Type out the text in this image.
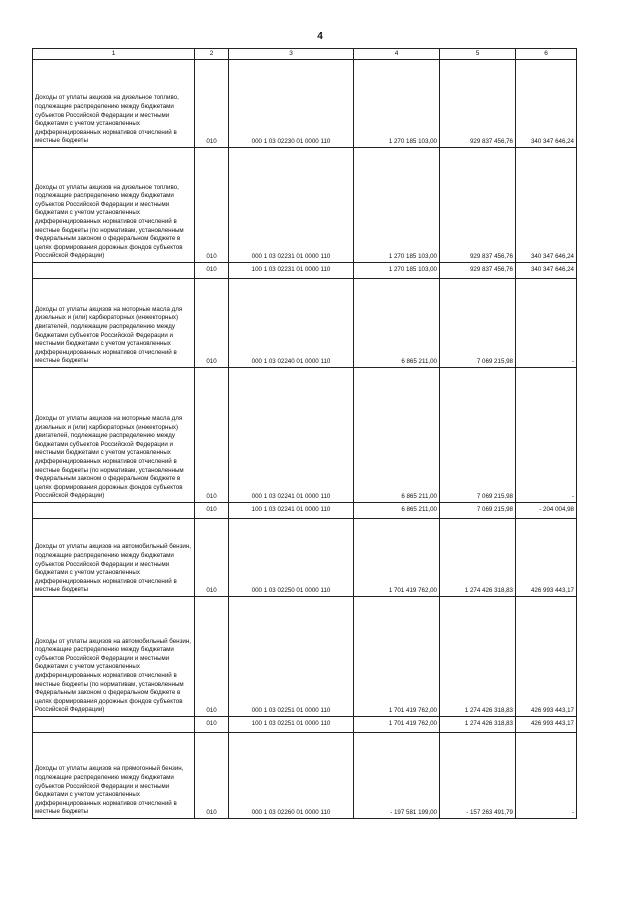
4
1	2	3	4	5	6
Доходы от уплаты акцизов на дизельное топливо, подлежащие распределению между бюджетами субъектов Российской Федерации и местными бюджетами с учетом установленных дифференцированных нормативов отчислений в местные бюджеты	010	000 1 03 02230 01 0000 110	1 270 185 103,00	929 837 456,76	340 347 646,24
Доходы от уплаты акцизов на дизельное топливо, подлежащие распределению между бюджетами субъектов Российской Федерации и местными бюджетами с учетом установленных дифференцированных нормативов отчислений в местные бюджеты (по нормативам, установленным Федеральным законом о федеральном бюджете в целях формирования дорожных фондов субъектов Российской Федерации)	010	000 1 03 02231 01 0000 110	1 270 185 103,00	929 837 456,76	340 347 646,24
	010	100 1 03 02231 01 0000 110	1 270 185 103,00	929 837 456,76	340 347 646,24
Доходы от уплаты акцизов на моторные масла для дизельных и (или) карбюраторных (инжекторных) двигателей, подлежащие распределению между бюджетами субъектов Российской Федерации и местными бюджетами с учетом установленных дифференцированных нормативов отчислений в местные бюджеты	010	000 1 03 02240 01 0000 110	6 865 211,00	7 069 215,98	-
Доходы от уплаты акцизов на моторные масла для дизельных и (или) карбюраторных (инжекторных) двигателей, подлежащие распределению между бюджетами субъектов Российской Федерации и местными бюджетами с учетом установленных дифференцированных нормативов отчислений в местные бюджеты (по нормативам, установленным Федеральным законом о федеральном бюджете в целях формирования дорожных фондов субъектов Российской Федерации)	010	000 1 03 02241 01 0000 110	6 865 211,00	7 069 215,98	-
	010	100 1 03 02241 01 0000 110	6 865 211,00	7 069 215,98	- 204 004,98
Доходы от уплаты акцизов на автомобильный бензин, подлежащие распределению между бюджетами субъектов Российской Федерации и местными бюджетами с учетом установленных дифференцированных нормативов отчислений в местные бюджеты	010	000 1 03 02250 01 0000 110	1 701 419 762,00	1 274 426 318,83	426 993 443,17
Доходы от уплаты акцизов на автомобильный бензин, подлежащие распределению между бюджетами субъектов Российской Федерации и местными бюджетами с учетом установленных дифференцированных нормативов отчислений в местные бюджеты (по нормативам, установленным Федеральным законом о федеральном бюджете в целях формирования дорожных фондов субъектов Российской Федерации)	010	000 1 03 02251 01 0000 110	1 701 419 762,00	1 274 426 318,83	426 993 443,17
	010	100 1 03 02251 01 0000 110	1 701 419 762,00	1 274 426 318,83	426 993 443,17
Доходы от уплаты акцизов на прямогонный бензин, подлежащие распределению между бюджетами субъектов Российской Федерации и местными бюджетами с учетом установленных дифференцированных нормативов отчислений в местные бюджеты	010	000 1 03 02260 01 0000 110	- 197 581 199,00	- 157 263 491,79	-
